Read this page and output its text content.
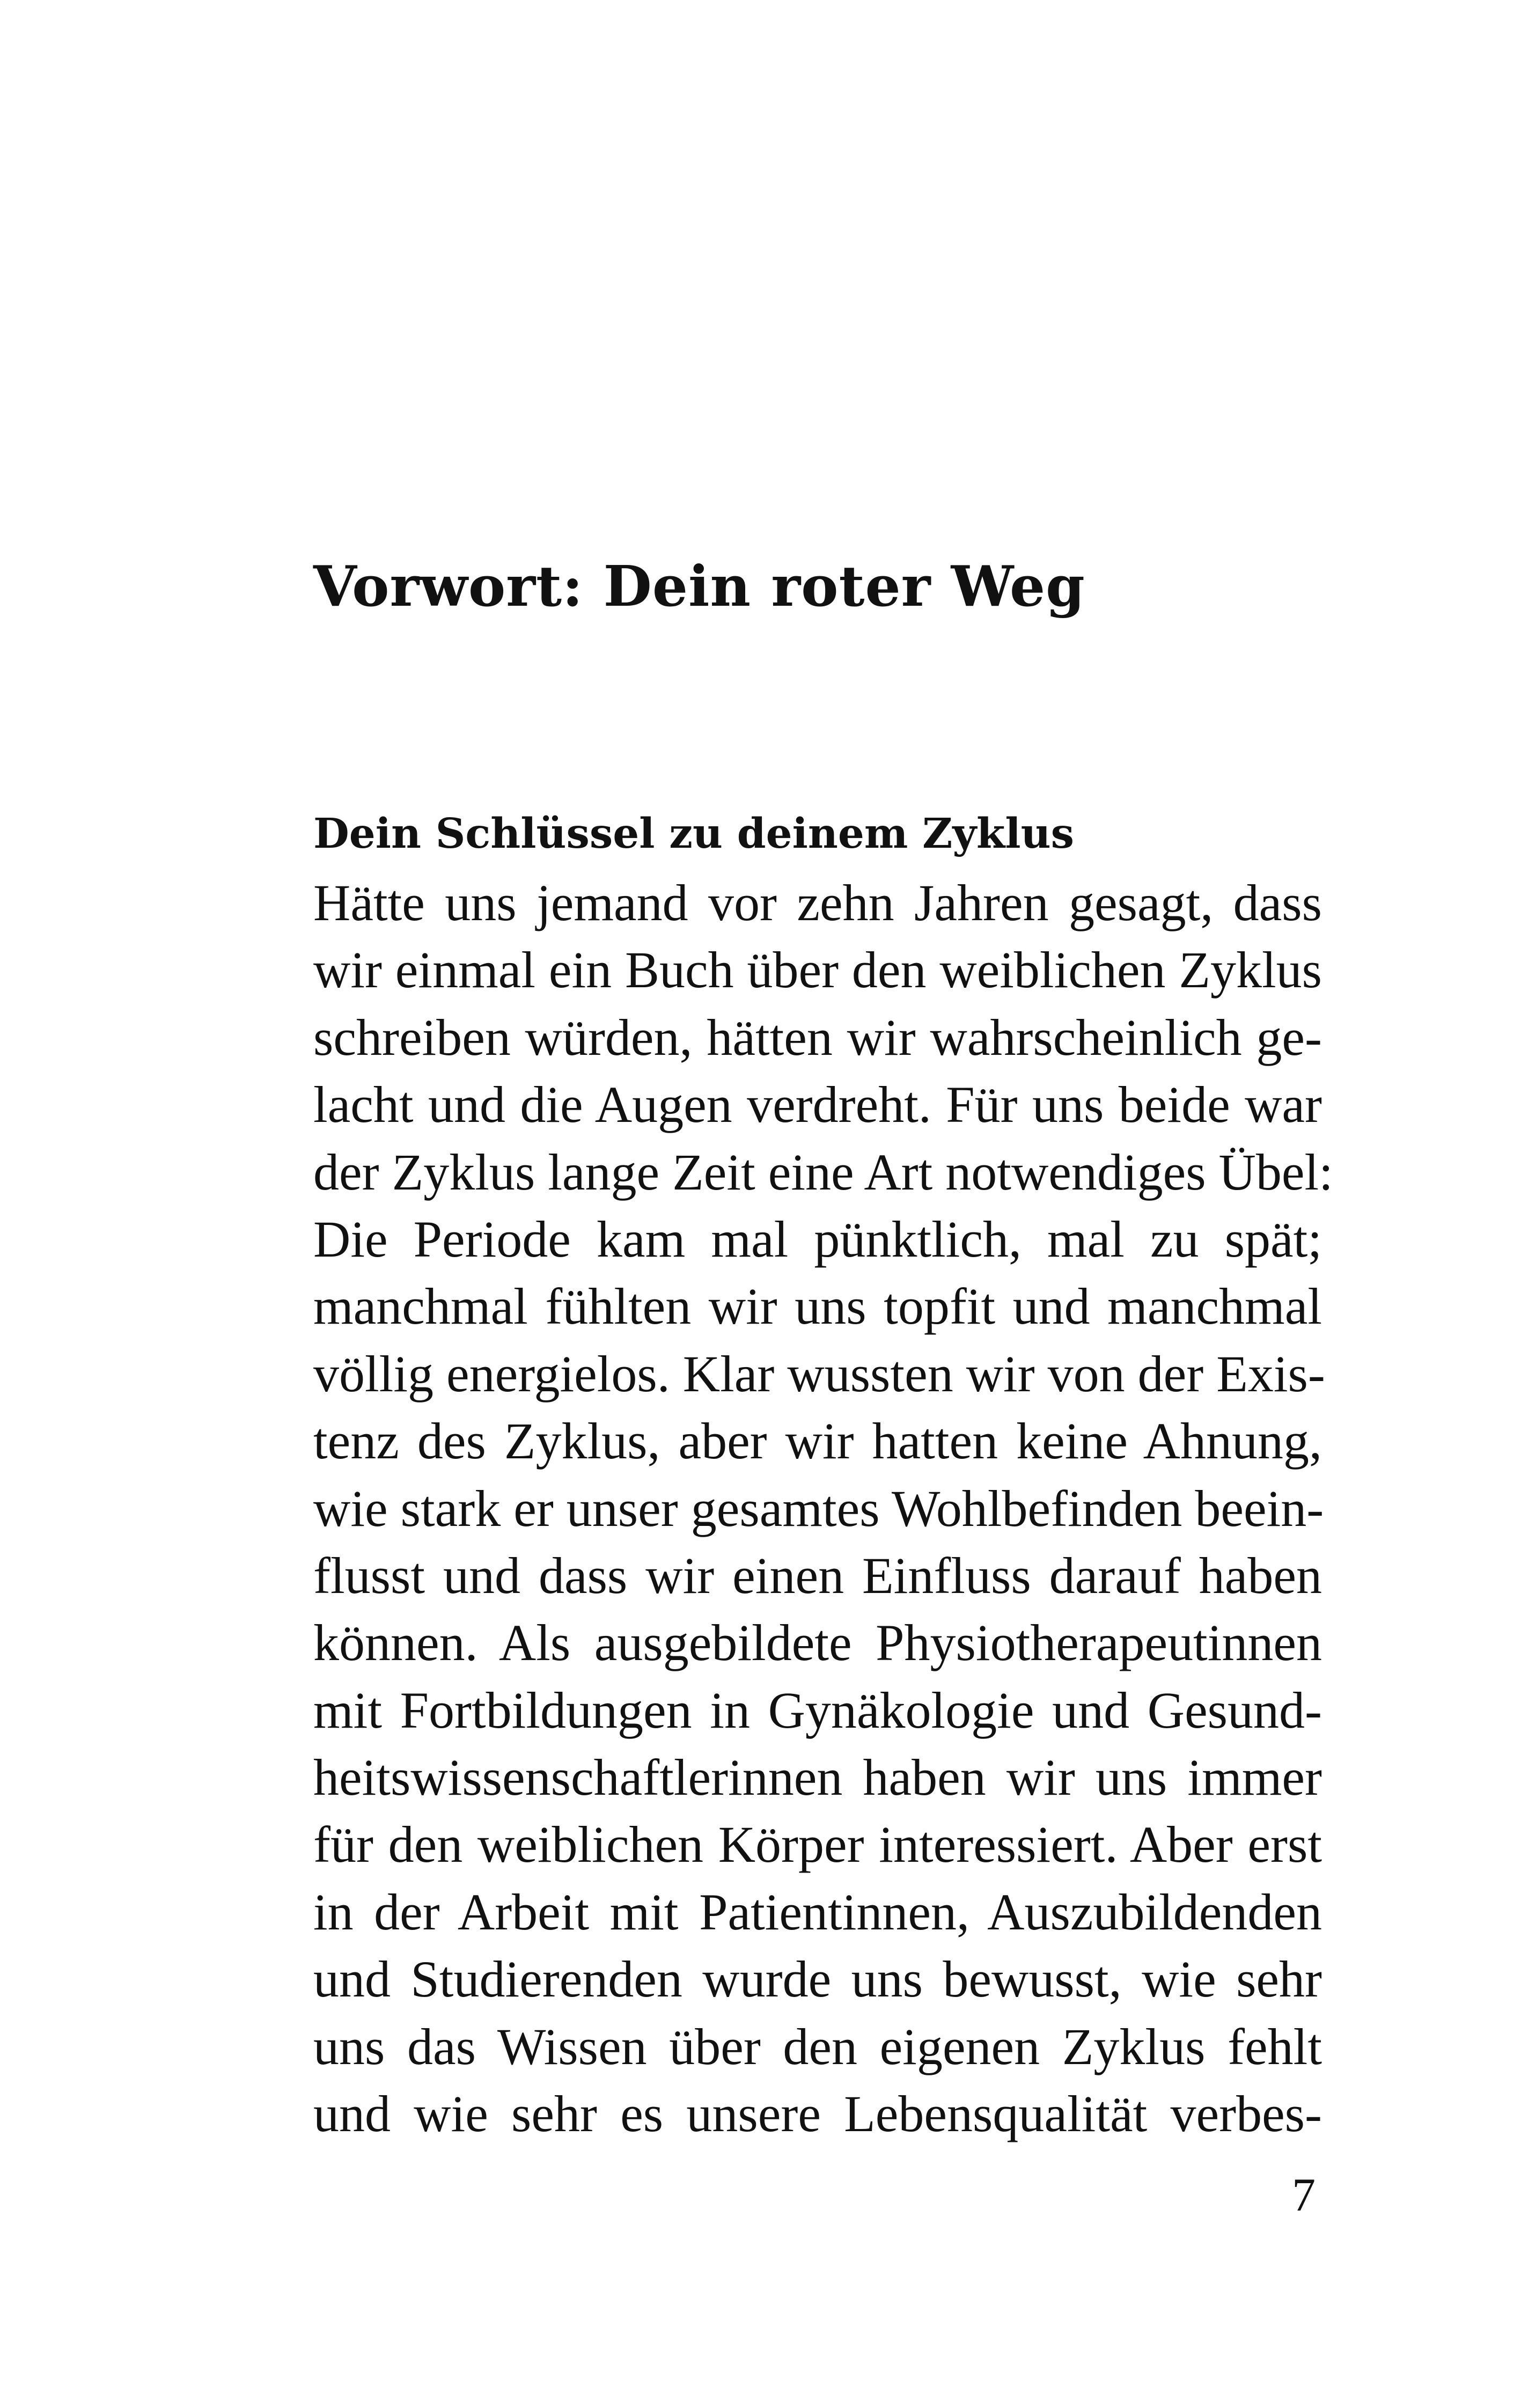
Vorwort: Dein roter Weg
Dein Schlüssel zu deinem Zyklus
Hätte uns jemand vor zehn Jahren gesagt, dass
wir einmal ein Buch über den weiblichen Zyklus
schreiben würden, hätten wir wahrscheinlich ge-
lacht und die Augen verdreht. Für uns beide war
der Zyklus lange Zeit eine Art notwendiges Übel:
Die Periode kam mal pünktlich, mal zu spät;
manchmal fühlten wir uns topfit und manchmal
völlig energielos. Klar wussten wir von der Exis-
tenz des Zyklus, aber wir hatten keine Ahnung,
wie stark er unser gesamtes Wohlbefinden beein-
flusst und dass wir einen Einfluss darauf haben
können. Als ausgebildete Physiotherapeutinnen
mit Fortbildungen in Gynäkologie und Gesund-
heitswissenschaftlerinnen haben wir uns immer
für den weiblichen Körper interessiert. Aber erst
in der Arbeit mit Patientinnen, Auszubildenden
und Studierenden wurde uns bewusst, wie sehr
uns das Wissen über den eigenen Zyklus fehlt
und wie sehr es unsere Lebensqualität verbes-
7
